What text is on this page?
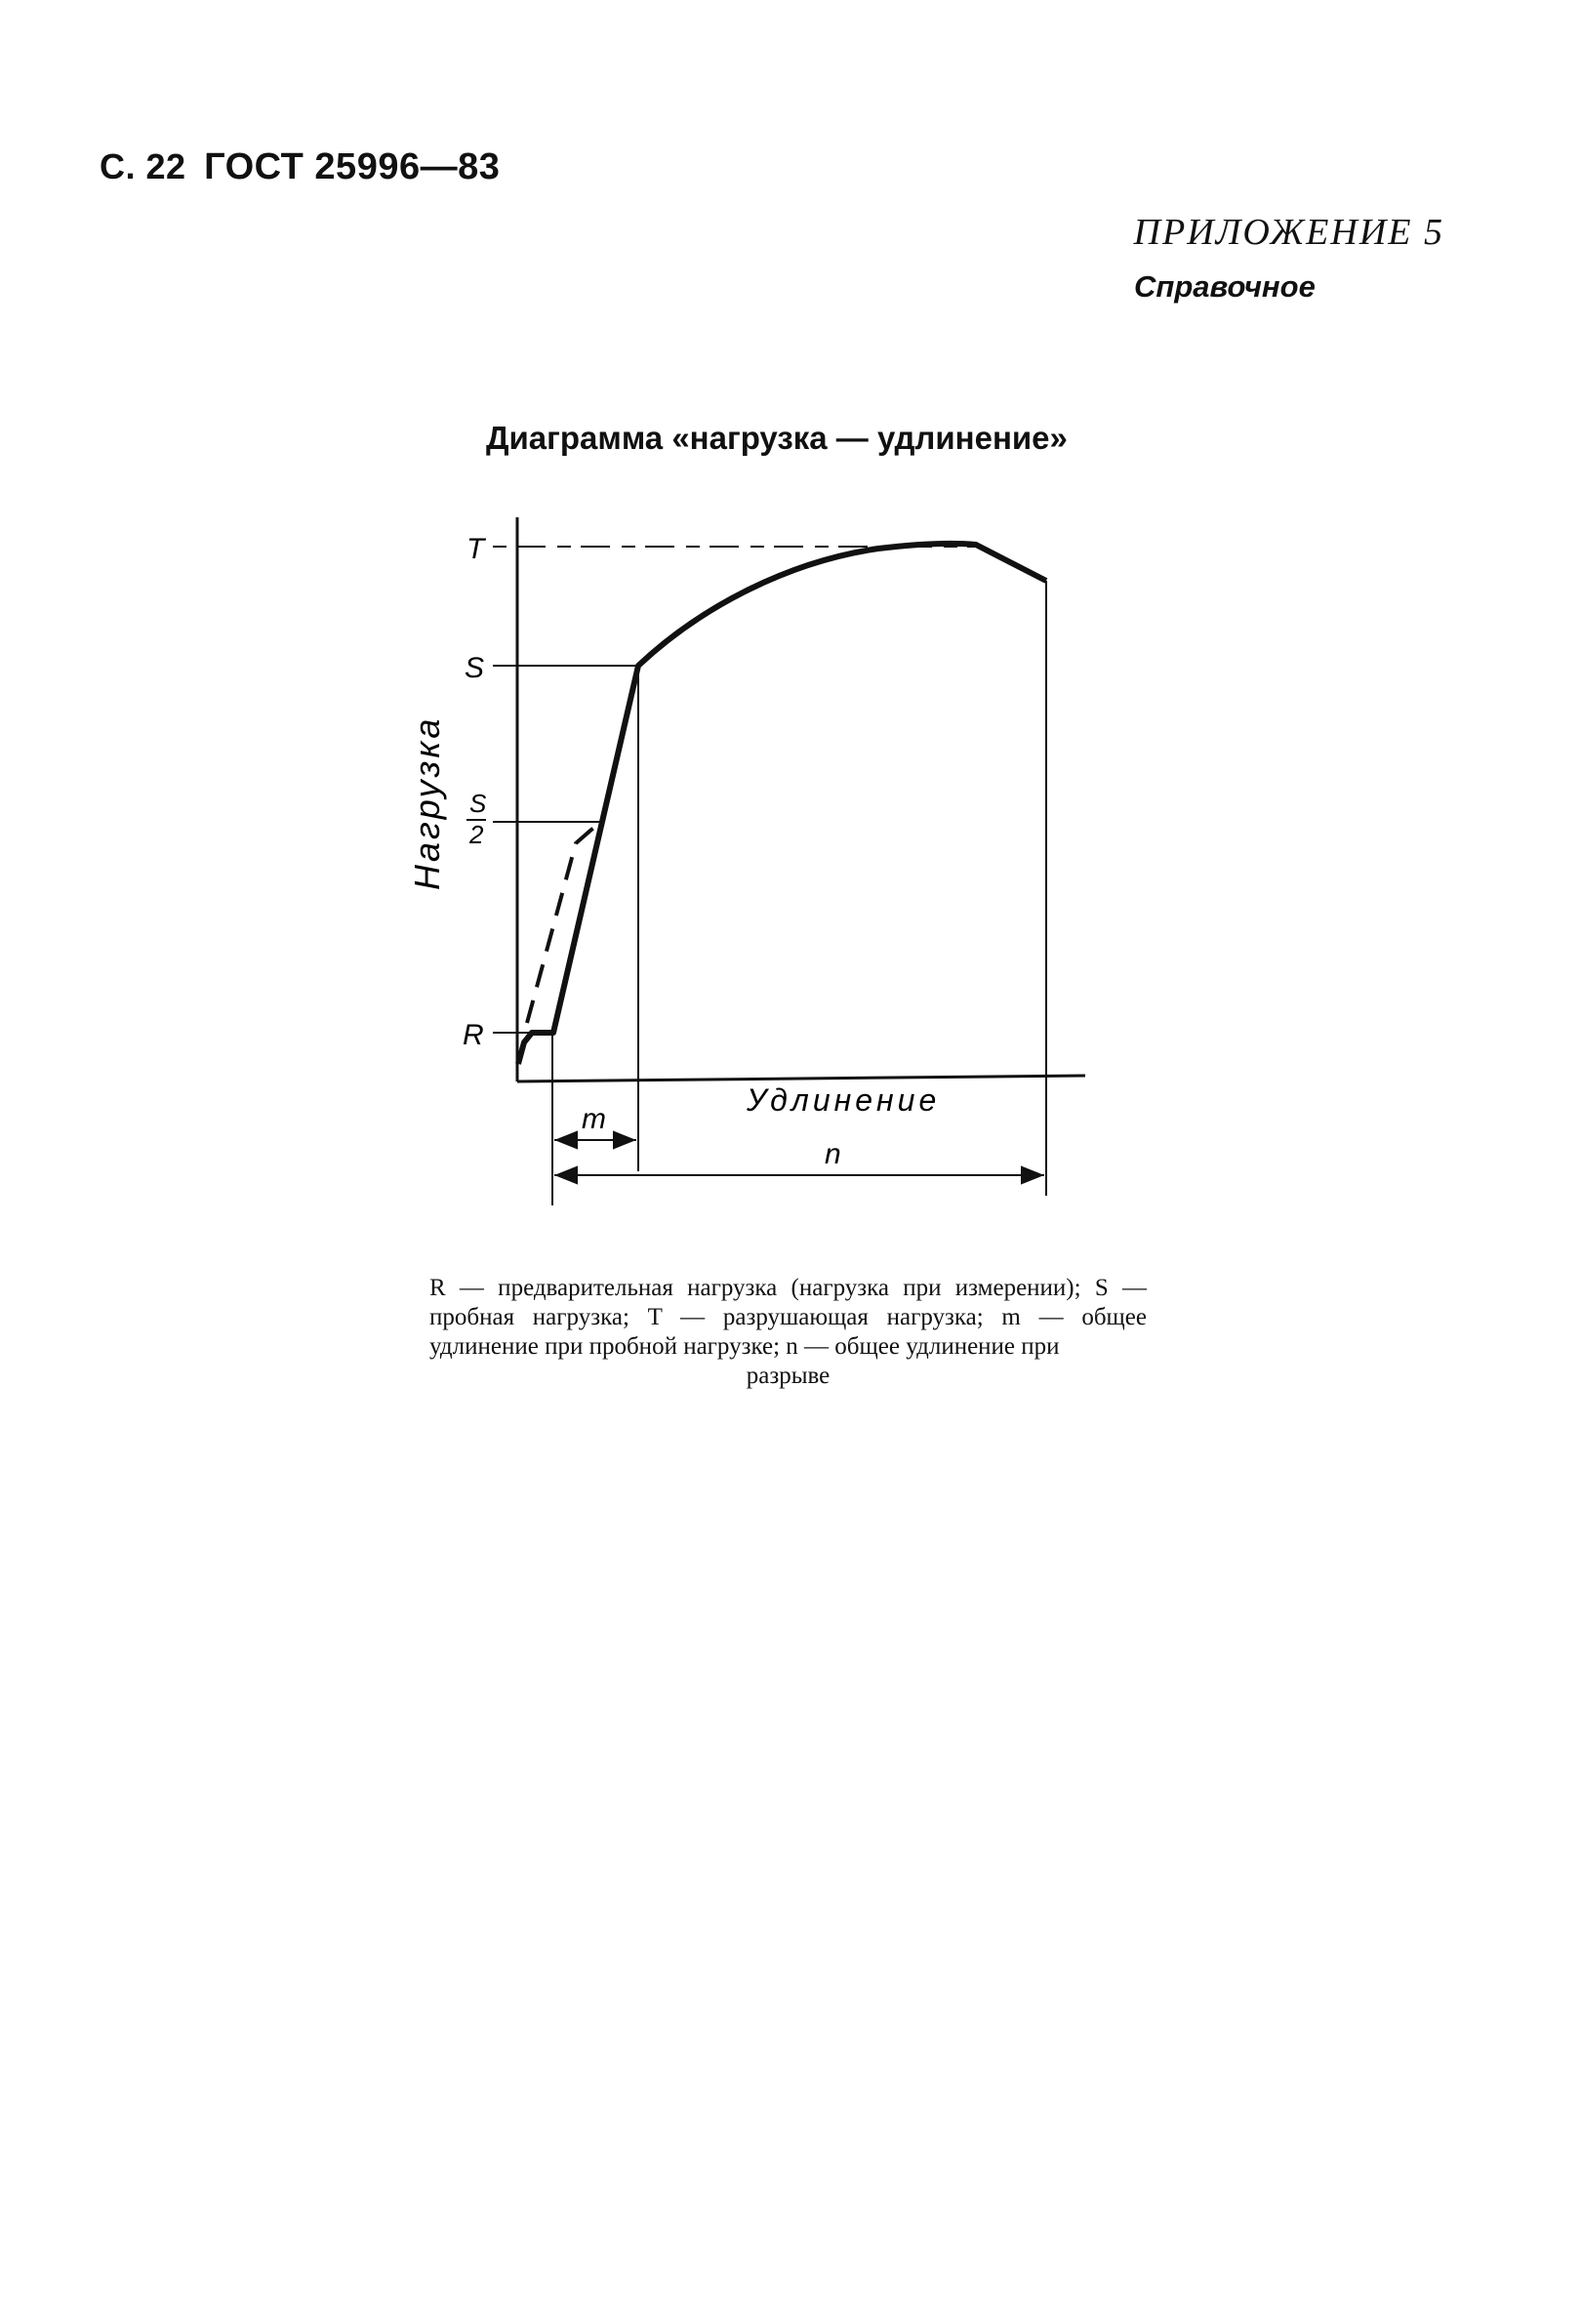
С. 22 ГОСТ 25996—83
ПРИЛОЖЕНИЕ 5
Справочное
Диаграмма «нагрузка — удлинение»
T
S
S
2
R
Нагрузка
Удлинение
m
n
R — предварительная нагрузка (нагрузка при измерении); S — пробная нагрузка; T — разрушающая нагрузка; m — общее удлинение при пробной нагрузке; n — общее удлинение при
разрыве
